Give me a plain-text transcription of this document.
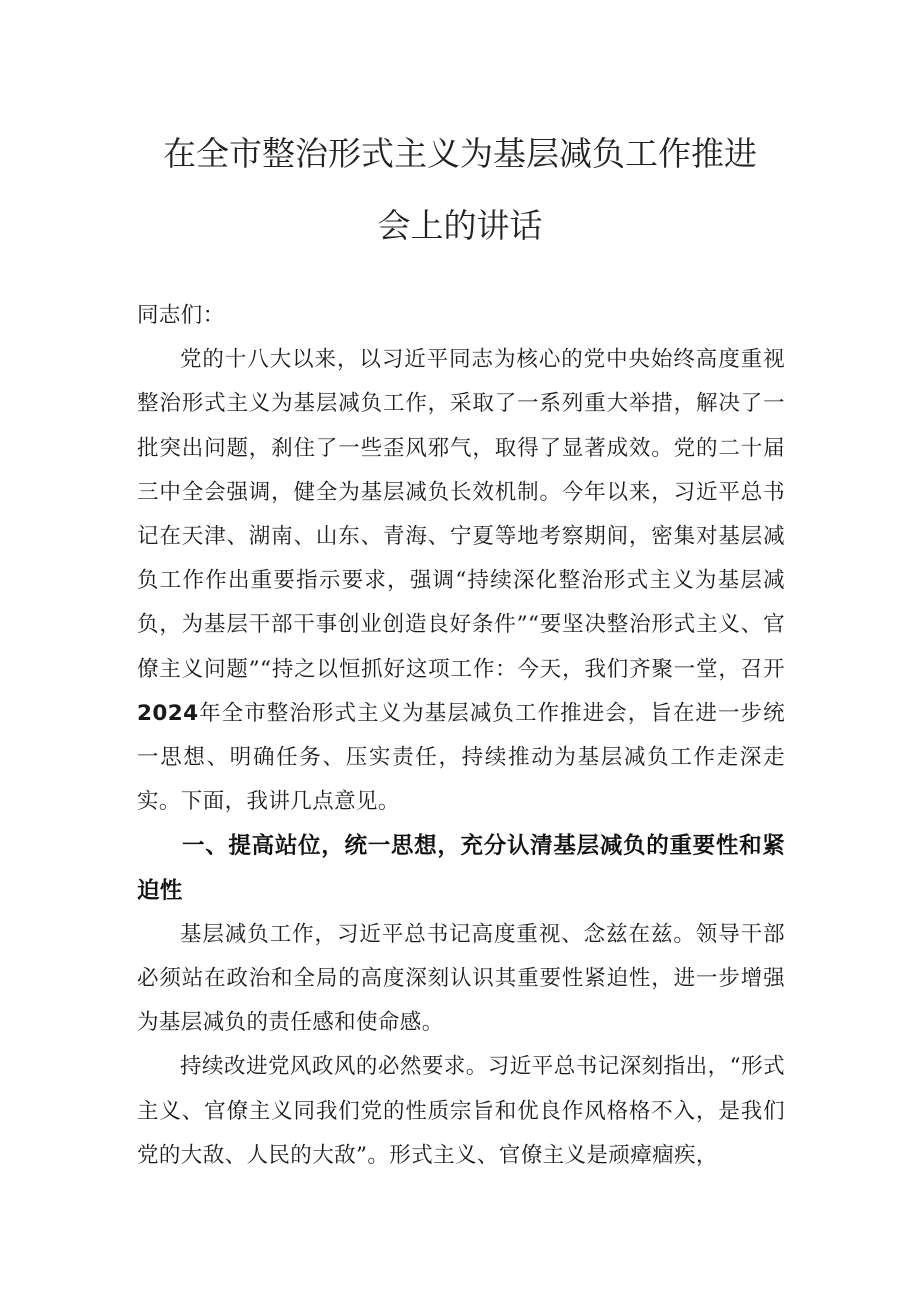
在全市整治形式主义为基层减负工作推进
会上的讲话

同志们：

党的十八大以来，以习近平同志为核心的党中央始终高度重视整治形式主义为基层减负工作，采取了一系列重大举措，解决了一批突出问题，刹住了一些歪风邪气，取得了显著成效。党的二十届三中全会强调，健全为基层减负长效机制。今年以来，习近平总书记在天津、湖南、山东、青海、宁夏等地考察期间，密集对基层减负工作作出重要指示要求，强调“持续深化整治形式主义为基层减负，为基层干部干事创业创造良好条件”“要坚决整治形式主义、官僚主义问题”“持之以恒抓好这项工作：今天，我们齐聚一堂，召开2024年全市整治形式主义为基层减负工作推进会，旨在进一步统一思想、明确任务、压实责任，持续推动为基层减负工作走深走实。下面，我讲几点意见。

一、提高站位，统一思想，充分认清基层减负的重要性和紧迫性

基层减负工作，习近平总书记高度重视、念兹在兹。领导干部必须站在政治和全局的高度深刻认识其重要性紧迫性，进一步增强为基层减负的责任感和使命感。

持续改进党风政风的必然要求。习近平总书记深刻指出，“形式主义、官僚主义同我们党的性质宗旨和优良作风格格不入，是我们党的大敌、人民的大敌”。形式主义、官僚主义是顽瘴痼疾，
